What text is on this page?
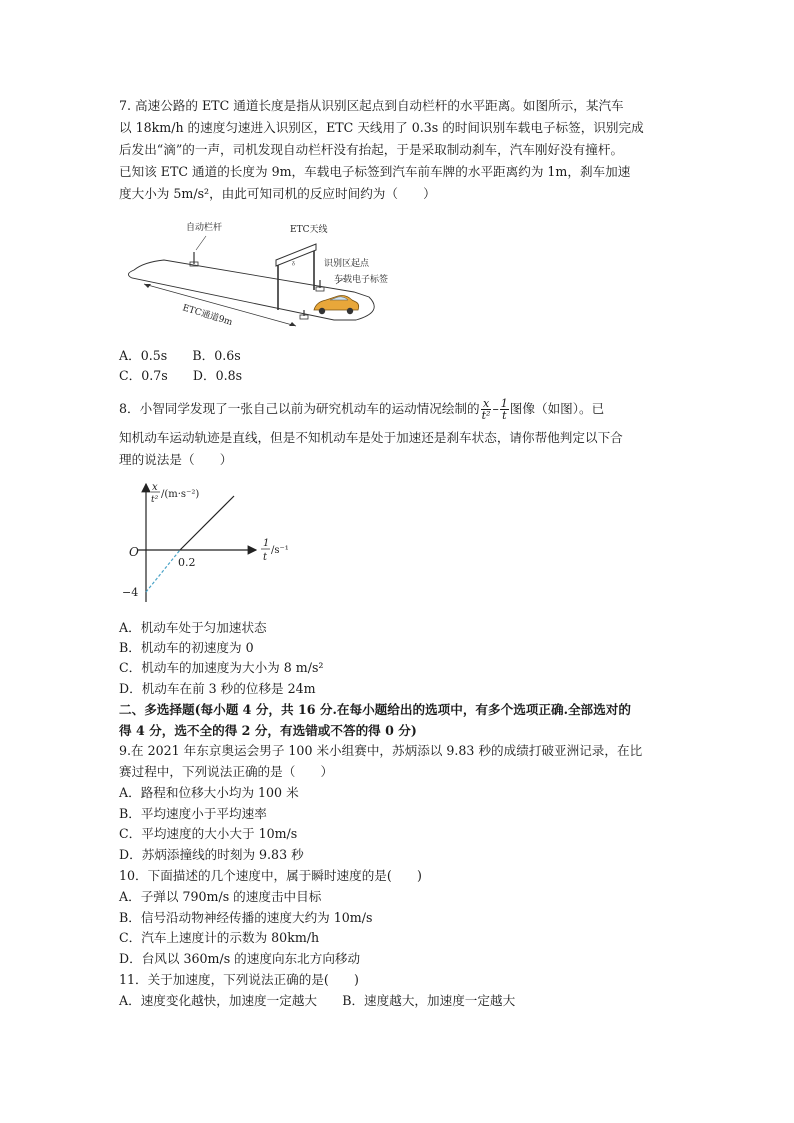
7. 高速公路的 ETC 通道长度是指从识别区起点到自动栏杆的水平距离。如图所示，某汽车
以 18km/h 的速度匀速进入识别区，ETC 天线用了 0.3s 的时间识别车载电子标签，识别完成
后发出“滴”的一声，司机发现自动栏杆没有抬起，于是采取制动刹车，汽车刚好没有撞杆。
已知该 ETC 通道的长度为 9m，车载电子标签到汽车前车牌的水平距离约为 1m，刹车加速
度大小为 5m/s²，由此可知司机的反应时间约为（　　）
自动栏杆	ETC天线
ᵹ	识别区起点
车载电子标签
ETC通道9m
A．0.5s　　B．0.6s
C．0.7s　　D．0.8s
8．小智同学发现了一张自己以前为研究机动车的运动情况绘制的 $\frac{x}{\text{t²}} - \frac{1}{t}$ 图像（如图）。已
知机动车运动轨迹是直线，但是不知机动车是处于加速还是刹车状态，请你帮他判定以下合
理的说法是（　　）
x
t² /(m·s⁻²)
1
t
/s⁻¹
O
0.2
−4
A．机动车处于匀加速状态
B．机动车的初速度为 0
C．机动车的加速度为大小为 8 m/s²
D．机动车在前 3 秒的位移是 24m
二、多选择题(每小题 4 分，共 16 分.在每小题给出的选项中，有多个选项正确.全部选对的
得 4 分，选不全的得 2 分，有选错或不答的得 0 分)
9.在 2021 年东京奥运会男子 100 米小组赛中，苏炳添以 9.83 秒的成绩打破亚洲记录，在比
赛过程中，下列说法正确的是（　　）
A．路程和位移大小均为 100 米
B．平均速度小于平均速率
C．平均速度的大小大于 10m/s
D．苏炳添撞线的时刻为 9.83 秒
10．下面描述的几个速度中，属于瞬时速度的是(　　)
A．子弹以 790m/s 的速度击中目标
B．信号沿动物神经传播的速度大约为 10m/s
C．汽车上速度计的示数为 80km/h
D．台风以 360m/s 的速度向东北方向移动
11．关于加速度，下列说法正确的是(　　)
A．速度变化越快，加速度一定越大　　B．速度越大，加速度一定越大
